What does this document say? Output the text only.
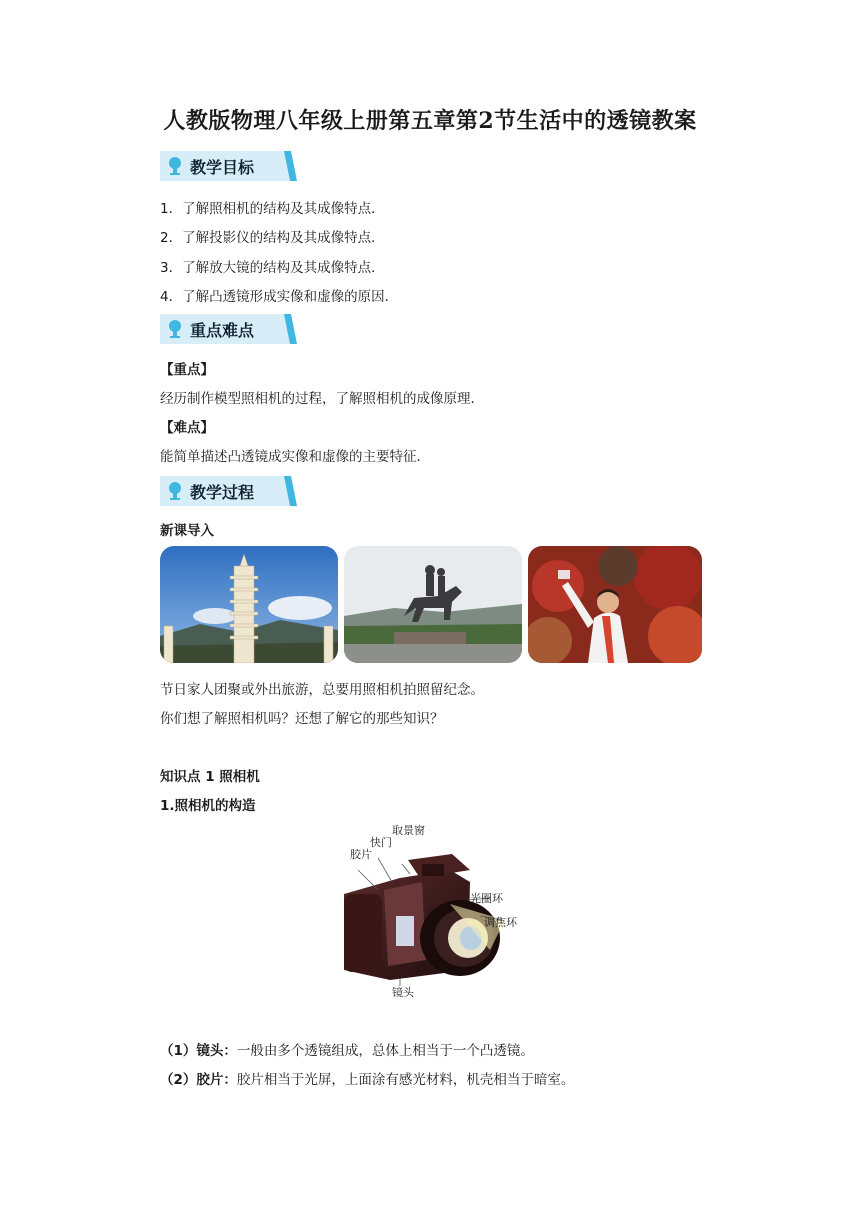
人教版物理八年级上册第五章第2节生活中的透镜教案
教学目标
1．了解照相机的结构及其成像特点．
2．了解投影仪的结构及其成像特点．
3．了解放大镜的结构及其成像特点．
4．了解凸透镜形成实像和虚像的原因．
重点难点
【重点】
经历制作模型照相机的过程，了解照相机的成像原理．
【难点】
能简单描述凸透镜成实像和虚像的主要特征．
教学过程
新课导入
节日家人团聚或外出旅游，总要用照相机拍照留纪念。
你们想了解照相机吗？还想了解它的那些知识？
知识点 1 照相机
1.照相机的构造
胶片
快门
取景窗
光圈环
调焦环
镜头
（1）镜头：一般由多个透镜组成，总体上相当于一个凸透镜。
（2）胶片：胶片相当于光屏，上面涂有感光材料，机壳相当于暗室。
